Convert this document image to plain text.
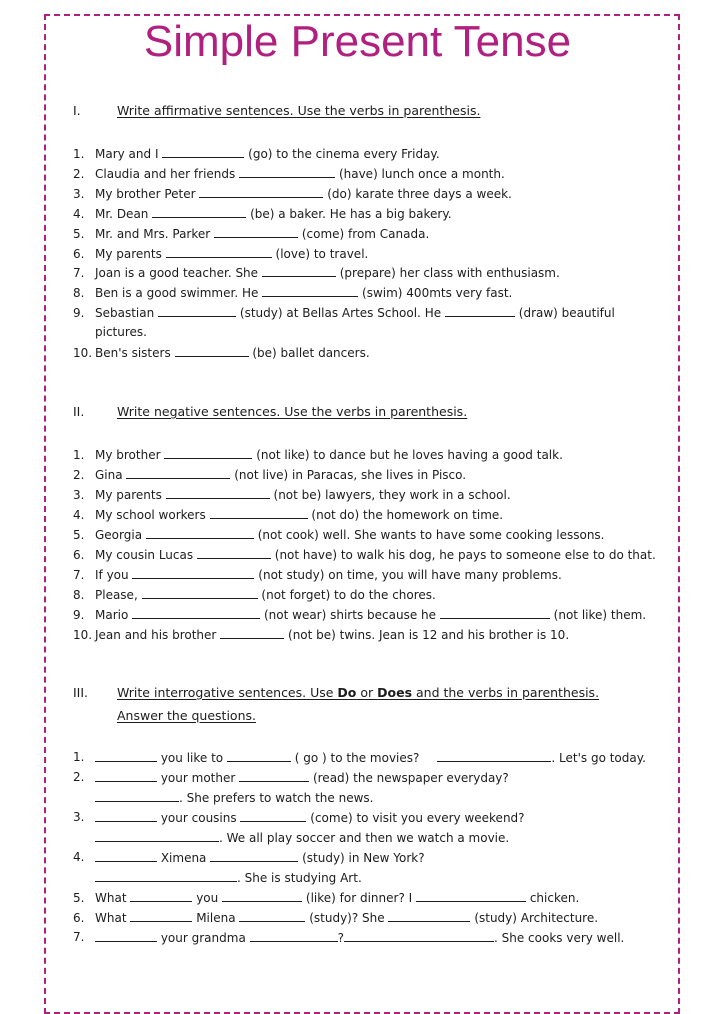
Simple Present Tense
I.	Write affirmative sentences. Use the verbs in parenthesis.
1. Mary and I	(go) to the cinema every Friday.
2. Claudia and her friends	(have) lunch once a month.
3. My brother Peter	(do) karate three days a week.
4. Mr. Dean	(be) a baker. He has a big bakery.
5. Mr. and Mrs. Parker	(come) from Canada.
6. My parents	(love) to travel.
7. Joan is a good teacher. She	(prepare) her class with enthusiasm.
8. Ben is a good swimmer. He	(swim) 400mts very fast.
9. Sebastian	(study) at Bellas Artes School. He	(draw) beautiful
pictures.
10. Ben's sisters	(be) ballet dancers.
II.	Write negative sentences. Use the verbs in parenthesis.
1. My brother	(not like) to dance but he loves having a good talk.
2. Gina	(not live) in Paracas, she lives in Pisco.
3. My parents	(not be) lawyers, they work in a school.
4. My school workers	(not do) the homework on time.
5. Georgia	(not cook) well. She wants to have some cooking lessons.
6. My cousin Lucas	(not have) to walk his dog, he pays to someone else to do that.
7. If you	(not study) on time, you will have many problems.
8. Please,	(not forget) to do the chores.
9. Mario	(not wear) shirts because he	(not like) them.
10. Jean and his brother	(not be) twins. Jean is 12 and his brother is 10.
III. Write interrogative sentences. Use Do or Does and the verbs in parenthesis.
Answer the questions.
1.	you like to	( go ) to the movies?	. Let's go today.
2.	your mother	(read) the newspaper everyday?
. She prefers to watch the news.
3.	your cousins	(come) to visit you every weekend?
. We all play soccer and then we watch a movie.
4.	Ximena	(study) in New York?
. She is studying Art.
5. What	you	(like) for dinner? I	chicken.
6. What	Milena	(study)? She	(study) Architecture.
7.	your grandma	?	. She cooks very well.
